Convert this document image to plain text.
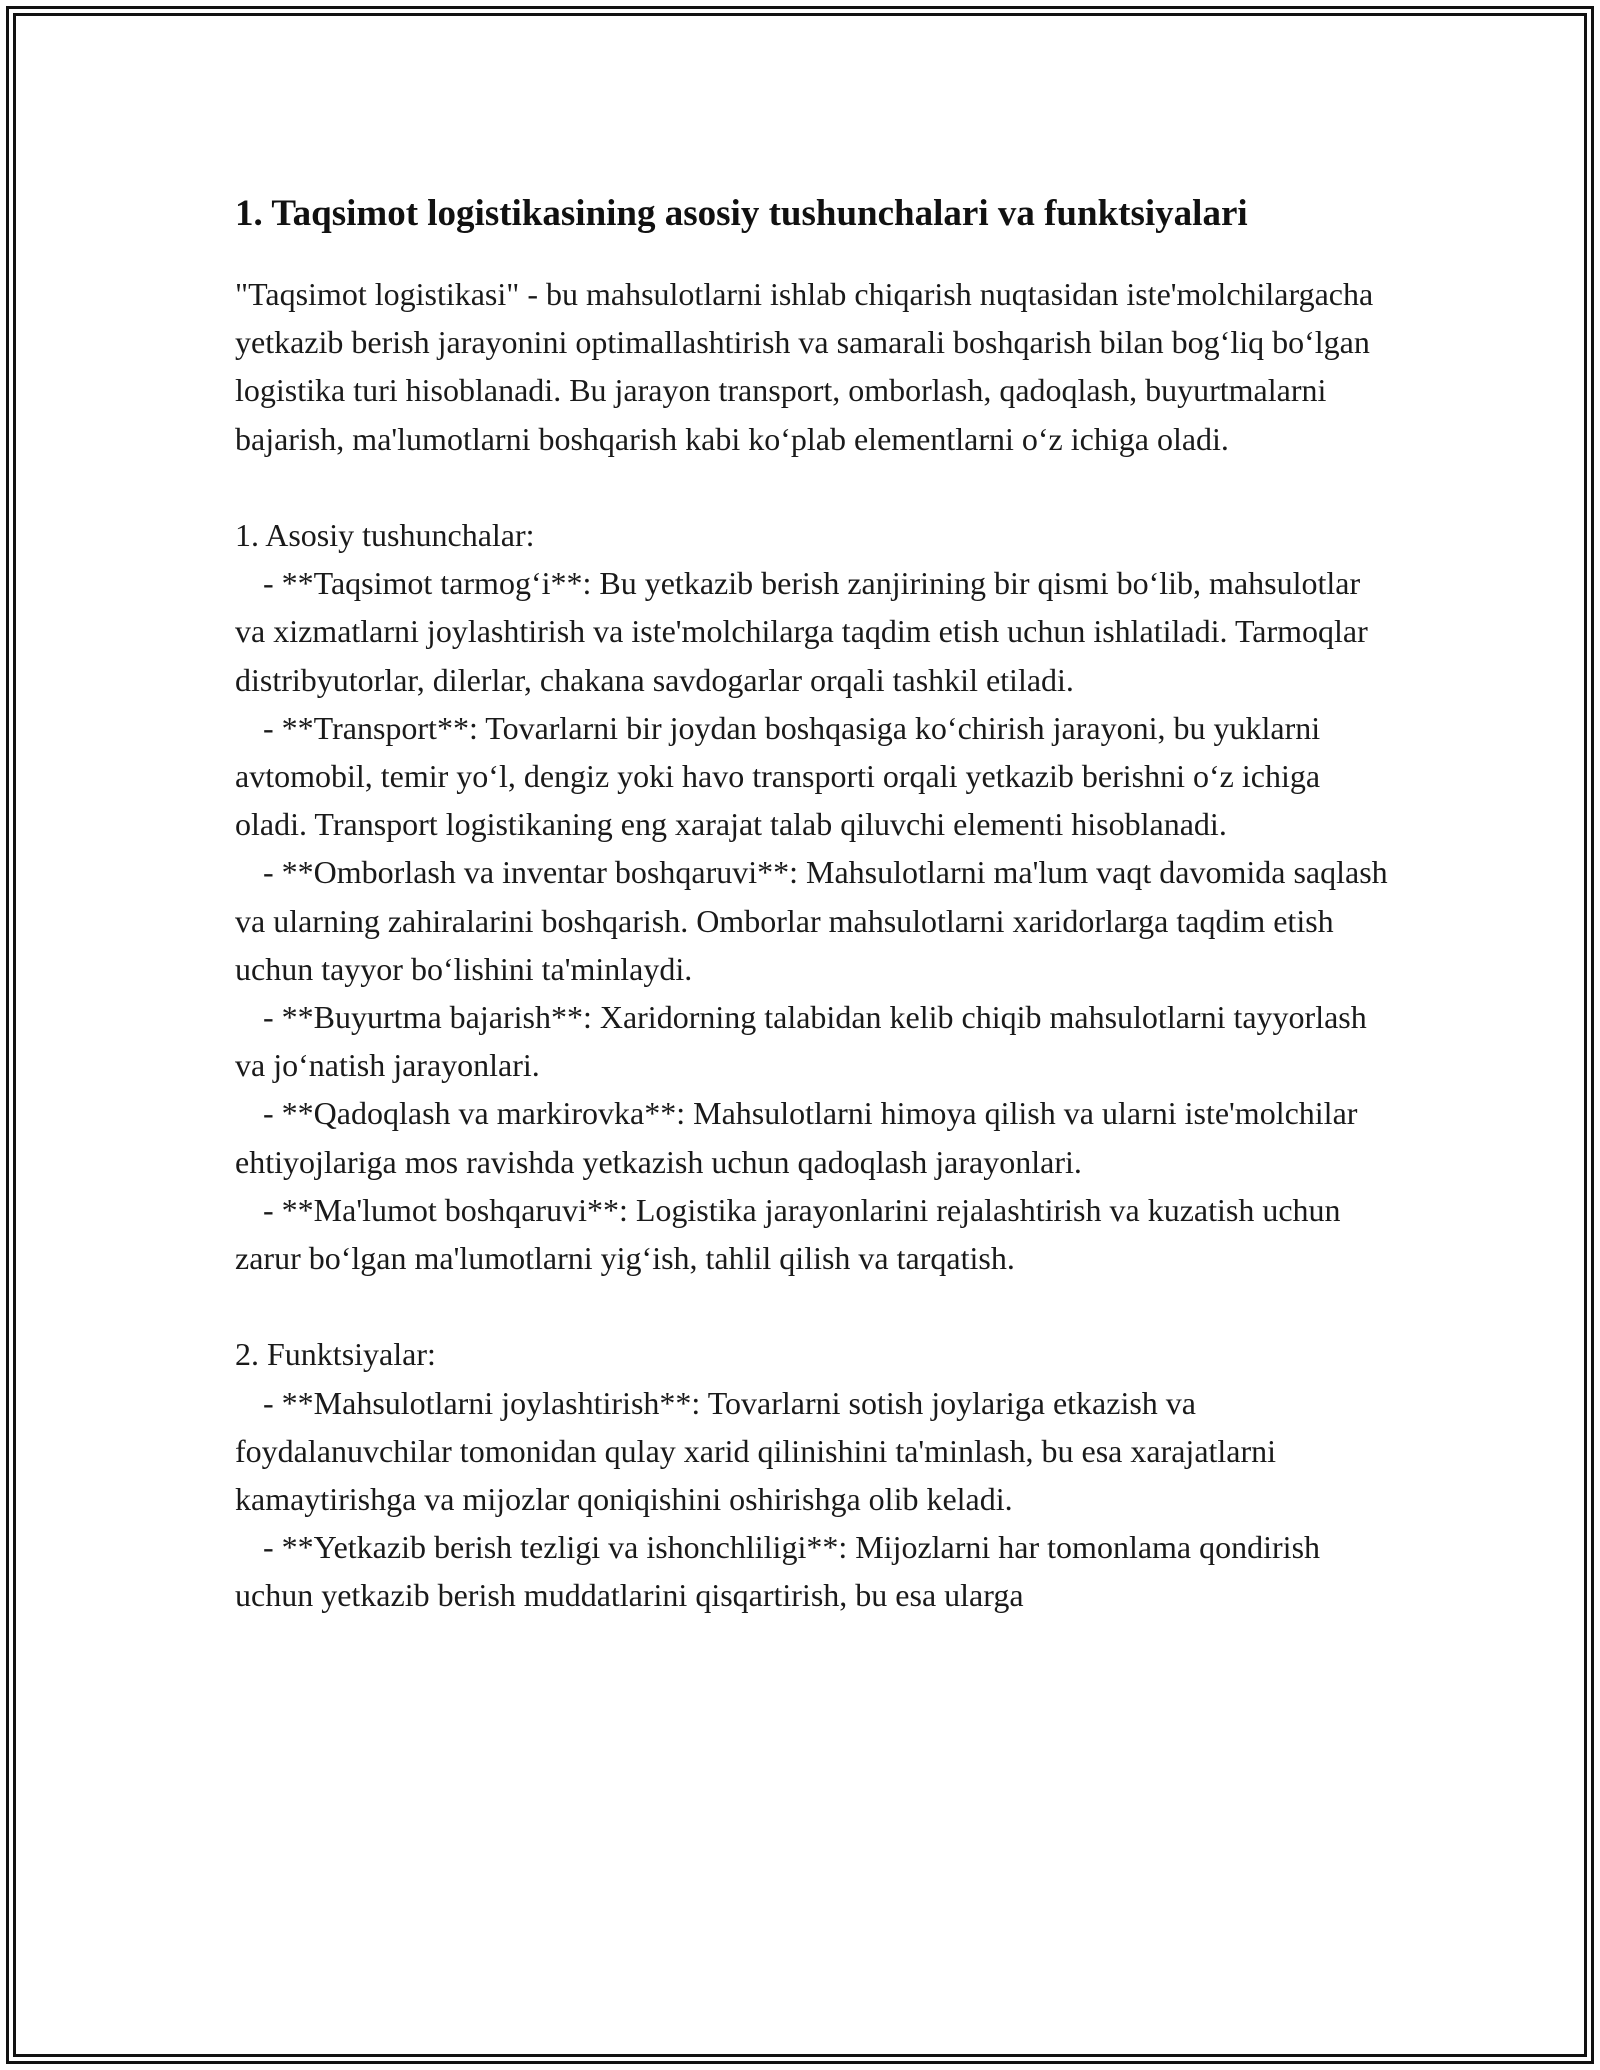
1. Taqsimot logistikasining asosiy tushunchalari va funktsiyalari

"Taqsimot logistikasi" - bu mahsulotlarni ishlab chiqarish nuqtasidan iste'molchilargacha yetkazib berish jarayonini optimallashtirish va samarali boshqarish bilan bog‘liq bo‘lgan logistika turi hisoblanadi. Bu jarayon transport, omborlash, qadoqlash, buyurtmalarni bajarish, ma'lumotlarni boshqarish kabi ko‘plab elementlarni o‘z ichiga oladi.

1. Asosiy tushunchalar:

- **Taqsimot tarmog‘i**: Bu yetkazib berish zanjirining bir qismi bo‘lib, mahsulotlar va xizmatlarni joylashtirish va iste'molchilarga taqdim etish uchun ishlatiladi. Tarmoqlar distribyutorlar, dilerlar, chakana savdogarlar orqali tashkil etiladi.

- **Transport**: Tovarlarni bir joydan boshqasiga ko‘chirish jarayoni, bu yuklarni avtomobil, temir yo‘l, dengiz yoki havo transporti orqali yetkazib berishni o‘z ichiga oladi. Transport logistikaning eng xarajat talab qiluvchi elementi hisoblanadi.

- **Omborlash va inventar boshqaruvi**: Mahsulotlarni ma'lum vaqt davomida saqlash va ularning zahiralarini boshqarish. Omborlar mahsulotlarni xaridorlarga taqdim etish uchun tayyor bo‘lishini ta'minlaydi.

- **Buyurtma bajarish**: Xaridorning talabidan kelib chiqib mahsulotlarni tayyorlash va jo‘natish jarayonlari.

- **Qadoqlash va markirovka**: Mahsulotlarni himoya qilish va ularni iste'molchilar ehtiyojlariga mos ravishda yetkazish uchun qadoqlash jarayonlari.

- **Ma'lumot boshqaruvi**: Logistika jarayonlarini rejalashtirish va kuzatish uchun zarur bo‘lgan ma'lumotlarni yig‘ish, tahlil qilish va tarqatish.

2. Funktsiyalar:

- **Mahsulotlarni joylashtirish**: Tovarlarni sotish joylariga etkazish va foydalanuvchilar tomonidan qulay xarid qilinishini ta'minlash, bu esa xarajatlarni kamaytirishga va mijozlar qoniqishini oshirishga olib keladi.

- **Yetkazib berish tezligi va ishonchliligi**: Mijozlarni har tomonlama qondirish uchun yetkazib berish muddatlarini qisqartirish, bu esa ularga
